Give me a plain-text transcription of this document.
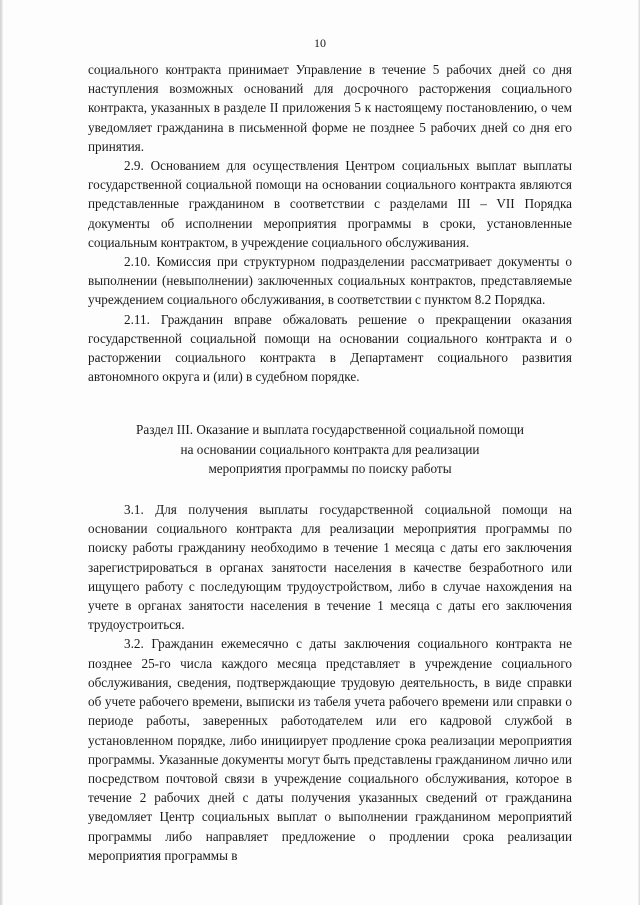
10

социального контракта принимает Управление в течение 5 рабочих дней со дня наступления возможных оснований для досрочного расторжения социального контракта, указанных в разделе II приложения 5 к настоящему постановлению, о чем уведомляет гражданина в письменной форме не позднее 5 рабочих дней со дня его принятия.

2.9. Основанием для осуществления Центром социальных выплат выплаты государственной социальной помощи на основании социального контракта являются представленные гражданином в соответствии с разделами III – VII Порядка документы об исполнении мероприятия программы в сроки, установленные социальным контрактом, в учреждение социального обслуживания.

2.10. Комиссия при структурном подразделении рассматривает документы о выполнении (невыполнении) заключенных социальных контрактов, представляемые учреждением социального обслуживания, в соответствии с пунктом 8.2 Порядка.

2.11. Гражданин вправе обжаловать решение о прекращении оказания государственной социальной помощи на основании социального контракта и о расторжении социального контракта в Департамент социального развития автономного округа и (или) в судебном порядке.

Раздел III. Оказание и выплата государственной социальной помощи
на основании социального контракта для реализации
мероприятия программы по поиску работы

3.1. Для получения выплаты государственной социальной помощи на основании социального контракта для реализации мероприятия программы по поиску работы гражданину необходимо в течение 1 месяца с даты его заключения зарегистрироваться в органах занятости населения в качестве безработного или ищущего работу с последующим трудоустройством, либо в случае нахождения на учете в органах занятости населения в течение 1 месяца с даты его заключения трудоустроиться.

3.2. Гражданин ежемесячно с даты заключения социального контракта не позднее 25-го числа каждого месяца представляет в учреждение социального обслуживания, сведения, подтверждающие трудовую деятельность, в виде справки об учете рабочего времени, выписки из табеля учета рабочего времени или справки о периоде работы, заверенных работодателем или его кадровой службой в установленном порядке, либо инициирует продление срока реализации мероприятия программы. Указанные документы могут быть представлены гражданином лично или посредством почтовой связи в учреждение социального обслуживания, которое в течение 2 рабочих дней с даты получения указанных сведений от гражданина уведомляет Центр социальных выплат о выполнении гражданином мероприятий программы либо направляет предложение о продлении срока реализации мероприятия программы в
